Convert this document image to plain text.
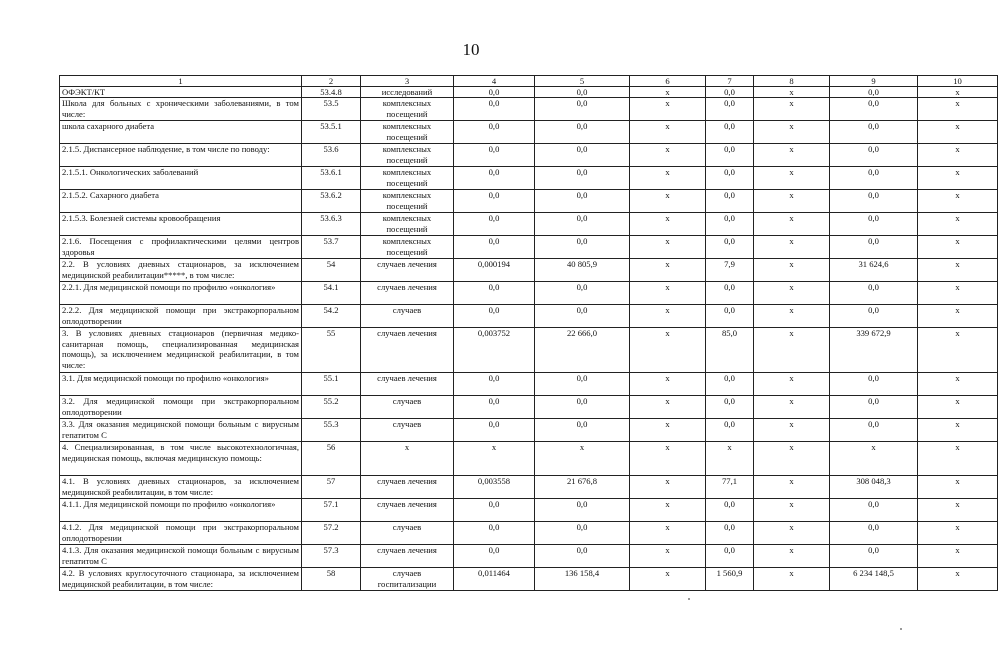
10
1	2	3	4	5	6	7	8	9	10
ОФЭКТ/КТ	53.4.8	исследований	0,0	0,0	х	0,0	х	0,0	х
Школа для больных с хроническими заболеваниями, в том числе:	53.5	комплексных посещений	0,0	0,0	х	0,0	х	0,0	х
школа сахарного диабета	53.5.1	комплексных посещений	0,0	0,0	х	0,0	х	0,0	х
2.1.5. Диспансерное наблюдение, в том числе по поводу:	53.6	комплексных посещений	0,0	0,0	х	0,0	х	0,0	х
2.1.5.1. Онкологических заболеваний	53.6.1	комплексных посещений	0,0	0,0	х	0,0	х	0,0	х
2.1.5.2. Сахарного диабета	53.6.2	комплексных посещений	0,0	0,0	х	0,0	х	0,0	х
2.1.5.3. Болезней системы кровообращения	53.6.3	комплексных посещений	0,0	0,0	х	0,0	х	0,0	х
2.1.6. Посещения с профилактическими целями центров здоровья	53.7	комплексных посещений	0,0	0,0	х	0,0	х	0,0	х
2.2. В условиях дневных стационаров, за исключением медицинской реабилитации*****, в том числе:	54	случаев лечения	0,000194	40 805,9	х	7,9	х	31 624,6	х
2.2.1. Для медицинской помощи по профилю «онкология»	54.1	случаев лечения	0,0	0,0	х	0,0	х	0,0	х
2.2.2. Для медицинской помощи при экстракорпоральном оплодотворении	54.2	случаев	0,0	0,0	х	0,0	х	0,0	х
3. В условиях дневных стационаров (первичная медико-санитарная помощь, специализированная медицинская помощь), за исключением медицинской реабилитации, в том числе:	55	случаев лечения	0,003752	22 666,0	х	85,0	х	339 672,9	х
3.1. Для медицинской помощи по профилю «онкология»	55.1	случаев лечения	0,0	0,0	х	0,0	х	0,0	х
3.2. Для медицинской помощи при экстракорпоральном оплодотворении	55.2	случаев	0,0	0,0	х	0,0	х	0,0	х
3.3. Для оказания медицинской помощи больным с вирусным гепатитом С	55.3	случаев	0,0	0,0	х	0,0	х	0,0	х
4. Специализированная, в том числе высокотехнологичная, медицинская помощь, включая медицинскую помощь:	56	х	х	х	х	х	х	х	х
4.1. В условиях дневных стационаров, за исключением медицинской реабилитации, в том числе:	57	случаев лечения	0,003558	21 676,8	х	77,1	х	308 048,3	х
4.1.1. Для медицинской помощи по профилю «онкология»	57.1	случаев лечения	0,0	0,0	х	0,0	х	0,0	х
4.1.2. Для медицинской помощи при экстракорпоральном оплодотворении	57.2	случаев	0,0	0,0	х	0,0	х	0,0	х
4.1.3. Для оказания медицинской помощи больным с вирусным гепатитом С	57.3	случаев лечения	0,0	0,0	х	0,0	х	0,0	х
4.2. В условиях круглосуточного стационара, за исключением медицинской реабилитации, в том числе:	58	случаев госпитализации	0,011464	136 158,4	х	1 560,9	х	6 234 148,5	х
